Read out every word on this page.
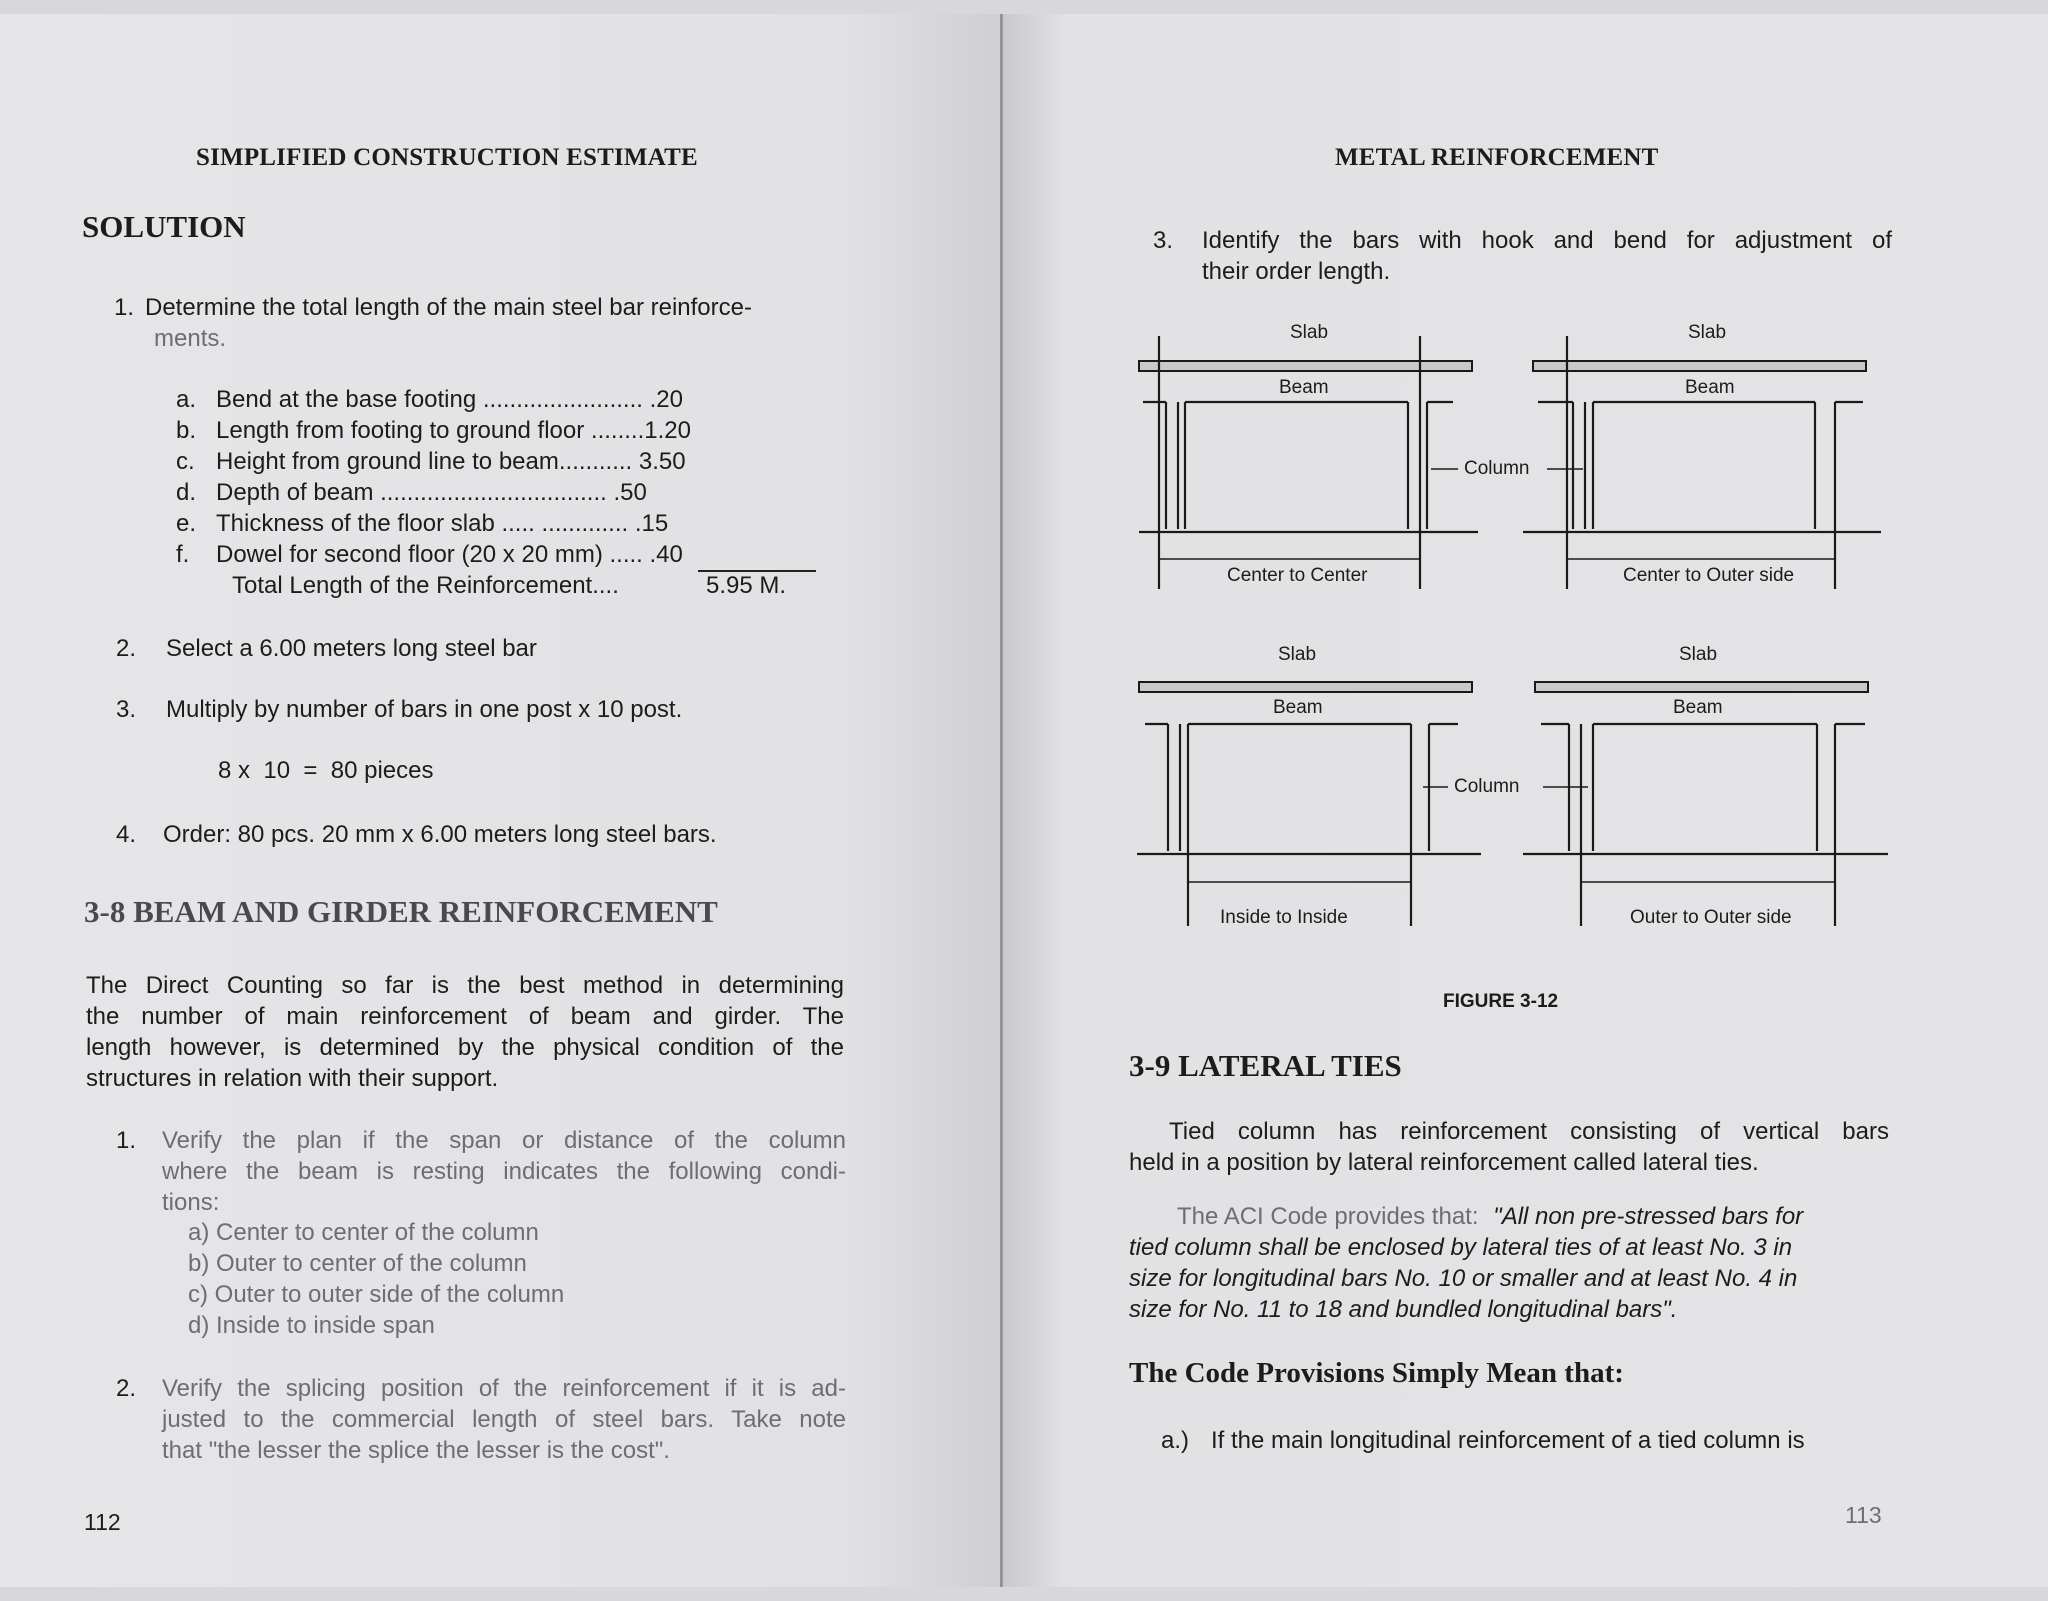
SIMPLIFIED CONSTRUCTION ESTIMATE
SOLUTION
1. Determine the total length of the main steel bar reinforce-
ments.
a. Bend at the base footing ........................ .20
b. Length from footing to ground floor ........1.20
c. Height from ground line to beam........... 3.50
d. Depth of beam .................................. .50
e. Thickness of the floor slab ..... ............. .15
f. Dowel for second floor (20 x 20 mm) ..... .40
Total Length of the Reinforcement....	5.95 M.
2. Select a 6.00 meters long steel bar
3. Multiply by number of bars in one post x 10 post.
8 x  10  =  80 pieces
4. Order: 80 pcs. 20 mm x 6.00 meters long steel bars.
3-8 BEAM AND GIRDER REINFORCEMENT
The Direct Counting so far is the best method in determining
the number of main reinforcement of beam and girder. The
length however, is determined by the physical condition of the
structures in relation with their support.
1. Verify the plan if the span or distance of the column
where the beam is resting indicates the following condi-
tions:
a) Center to center of the column
b) Outer to center of the column
c) Outer to outer side of the column
d) Inside to inside span
2. Verify the splicing position of the reinforcement if it is ad-
justed to the commercial length of steel bars. Take note
that "the lesser the splice the lesser is the cost".
112
METAL REINFORCEMENT
3. Identify the bars with hook and bend for adjustment of
their order length.
Slab	Slab
Beam	Beam
Column
Center to Center	Center to Outer side
Slab	Slab
Beam	Beam
Column
Inside to Inside	Outer to Outer side
FIGURE 3-12
3-9 LATERAL TIES
Tied column has reinforcement consisting of vertical bars
held in a position by lateral reinforcement called lateral ties.
The ACI Code provides that: "All non pre-stressed bars for
tied column shall be enclosed by lateral ties of at least No. 3 in
size for longitudinal bars No. 10 or smaller and at least No. 4 in
size for No. 11 to 18 and bundled longitudinal bars".
The Code Provisions Simply Mean that:
a.) If the main longitudinal reinforcement of a tied column is
113
